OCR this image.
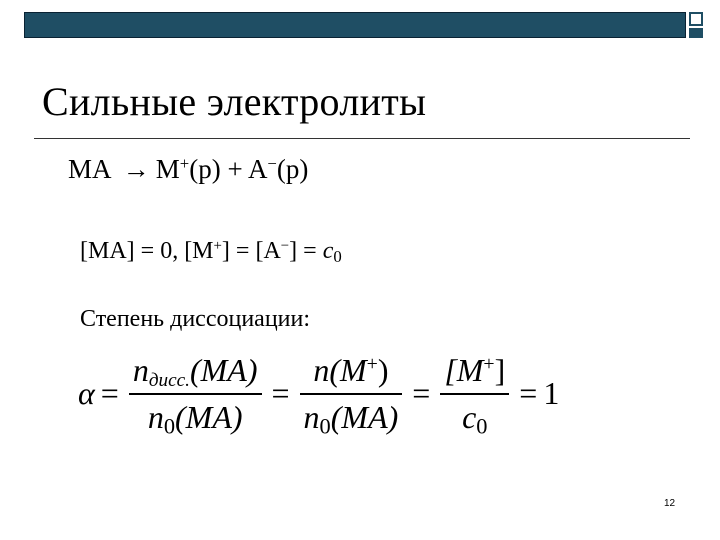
Сильные электролиты
MA → M+(р) + A−(р)
[MA] = 0, $[M^+] = [A^-] = c_0$
Степень диссоциации:
$\alpha = \frac{n_{дисс.}(MA)}{n_0(MA)} = \frac{n(M^+)}{n_0(MA)} = \frac{[M^+]}{c_0} = 1$
12
